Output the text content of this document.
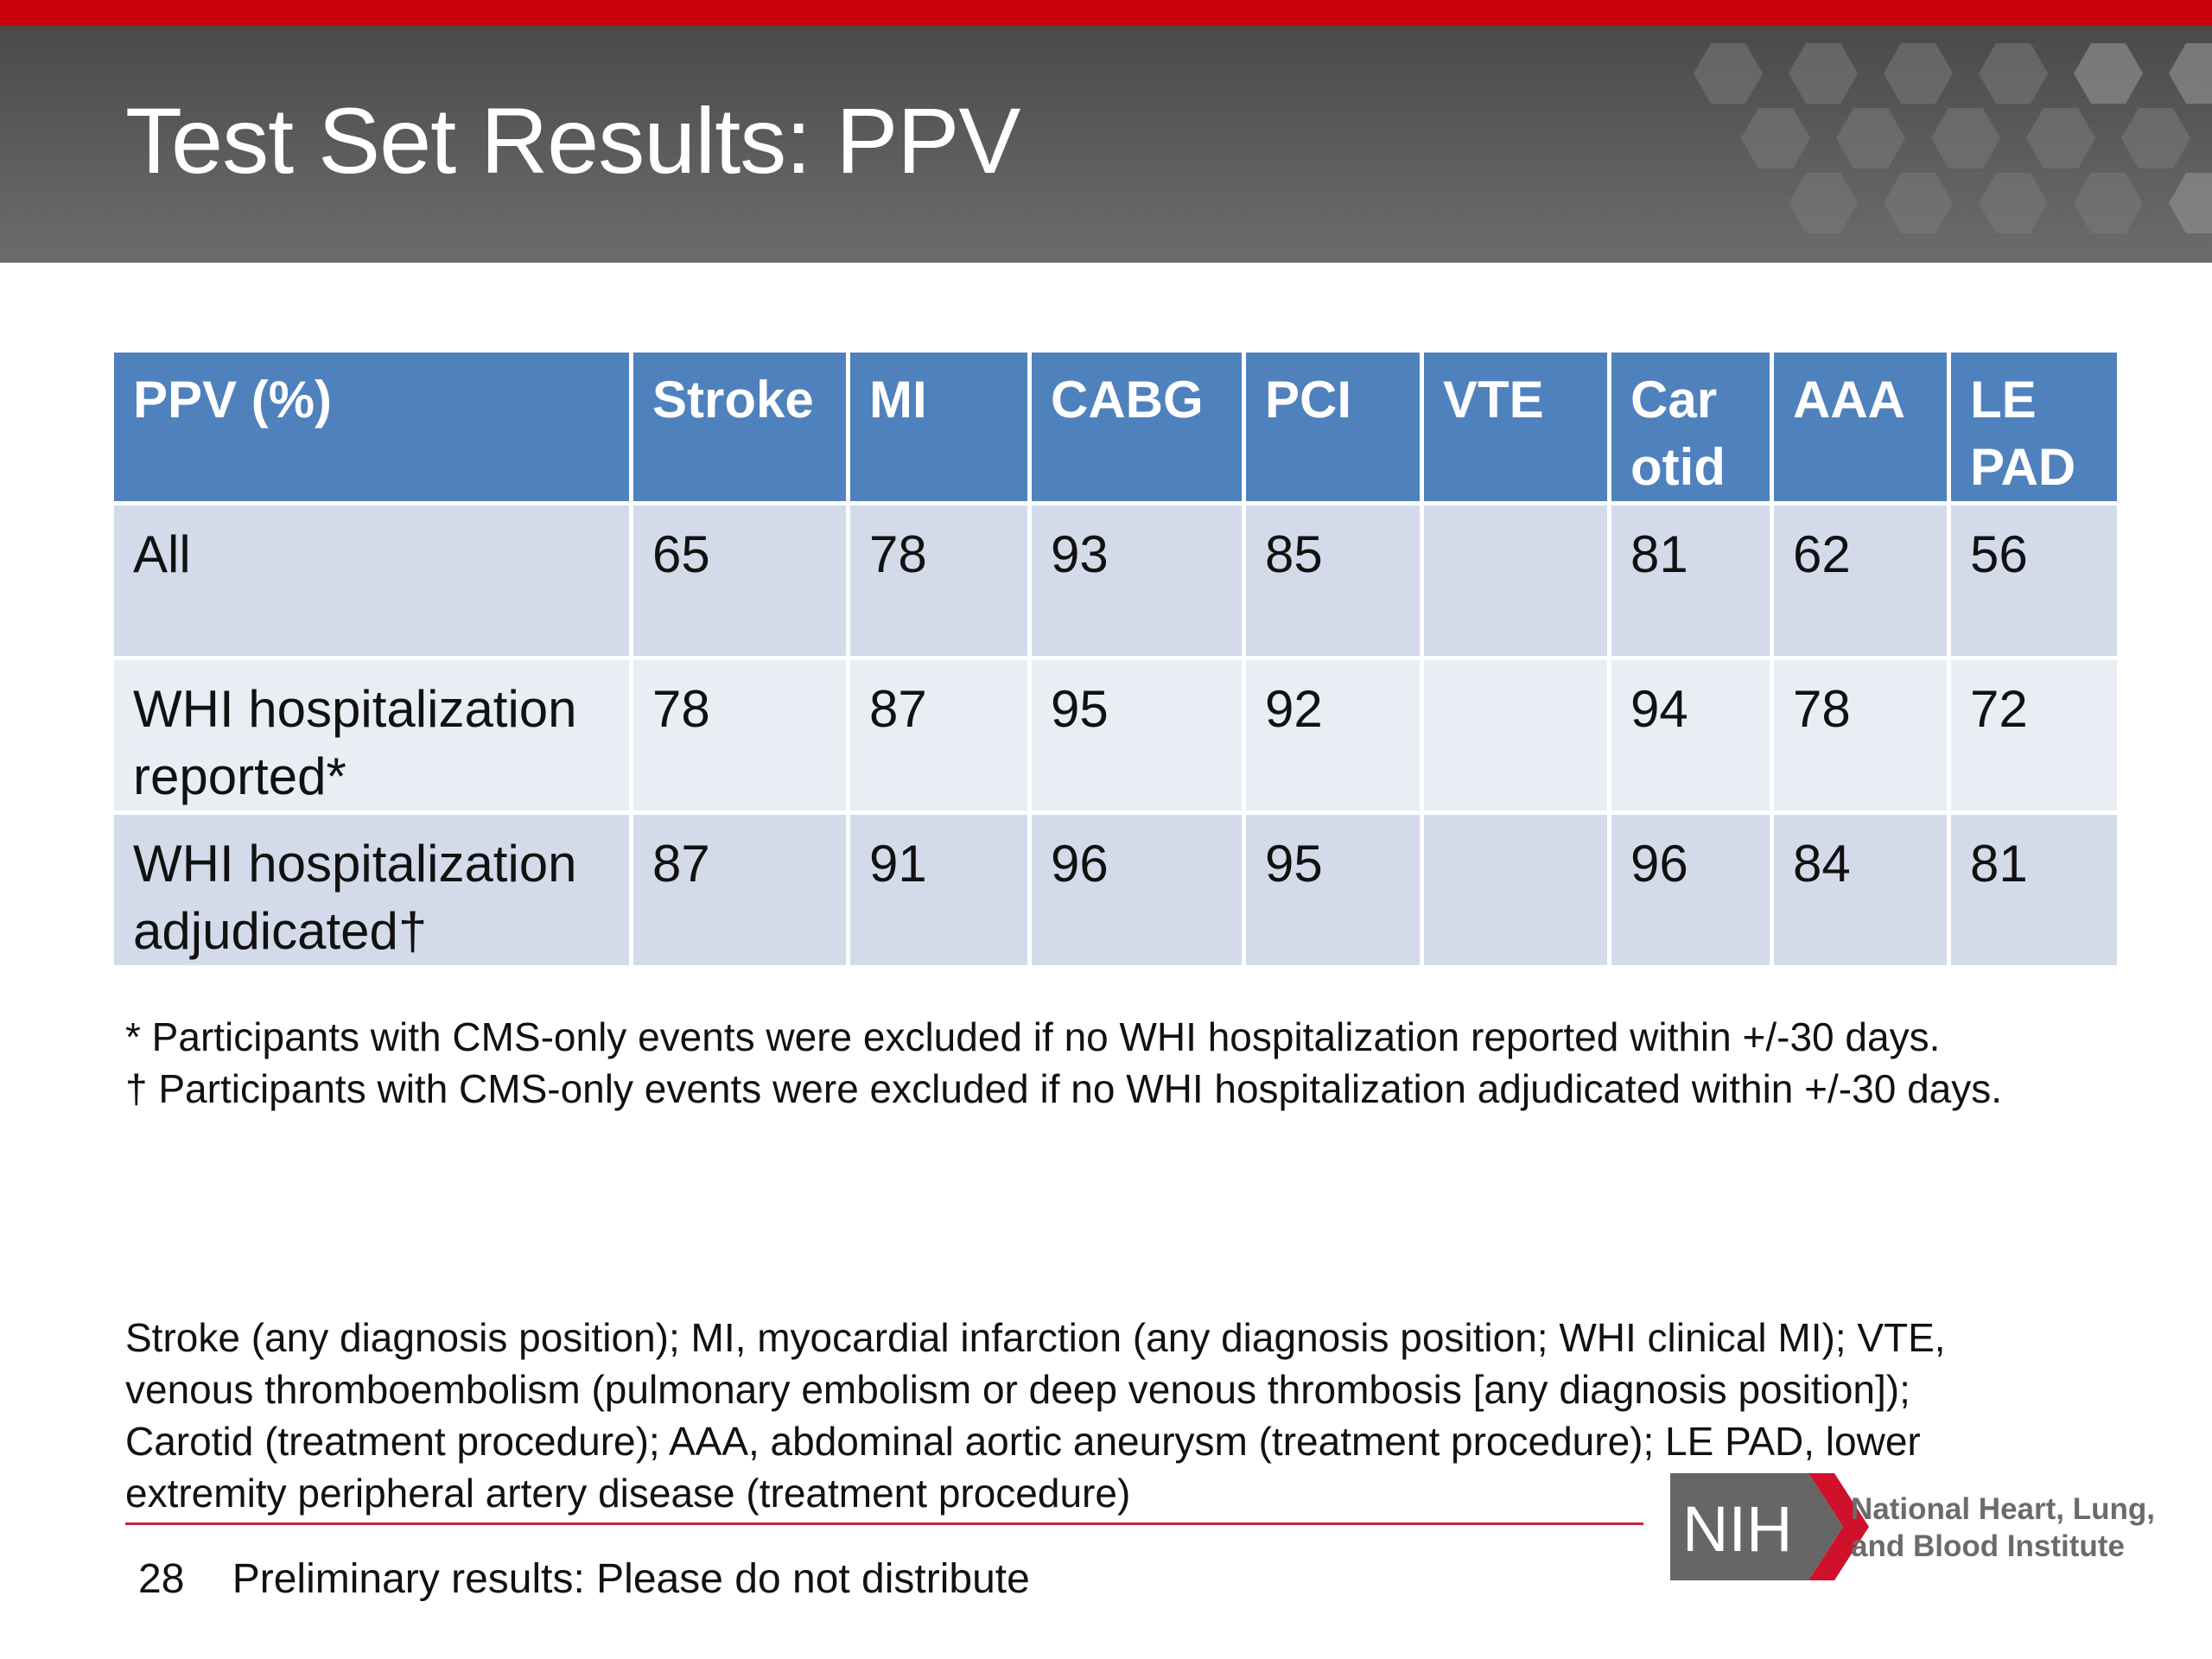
Test Set Results: PPV
PPV (%)	Stroke	MI	CABG	PCI	VTE	Car otid	AAA	LE PAD
All	65	78	93	85		81	62	56
WHI hospitalization reported*	78	87	95	92		94	78	72
WHI hospitalization adjudicated†	87	91	96	95		96	84	81

* Participants with CMS-only events were excluded if no WHI hospitalization reported within +/-30 days.

† Participants with CMS-only events were excluded if no WHI hospitalization adjudicated within +/-30 days.

Stroke (any diagnosis position); MI, myocardial infarction (any diagnosis position; WHI clinical MI); VTE, venous thromboembolism (pulmonary embolism or deep venous thrombosis [any diagnosis position]); Carotid (treatment procedure); AAA, abdominal aortic aneurysm (treatment procedure); LE PAD, lower extremity peripheral artery disease (treatment procedure)

28 Preliminary results: Please do not distribute
NIH National Heart, Lung,
and Blood Institute
